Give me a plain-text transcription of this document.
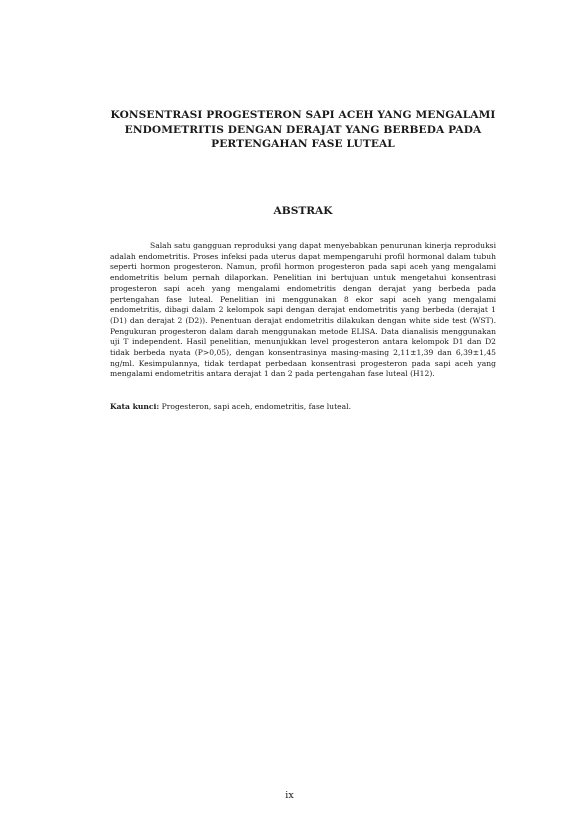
KONSENTRASI PROGESTERON SAPI ACEH YANG MENGALAMI
ENDOMETRITIS DENGAN DERAJAT YANG BERBEDA PADA
PERTENGAHAN FASE LUTEAL
ABSTRAK

Salah satu gangguan reproduksi yang dapat menyebabkan penurunan kinerja reproduksi adalah endometritis. Proses infeksi pada uterus dapat mempengaruhi profil hormonal dalam tubuh seperti hormon progesteron. Namun, profil hormon progesteron pada sapi aceh yang mengalami endometritis belum pernah dilaporkan. Penelitian ini bertujuan untuk mengetahui konsentrasi progesteron sapi aceh yang mengalami endometritis dengan derajat yang berbeda pada pertengahan fase luteal. Penelitian ini menggunakan 8 ekor sapi aceh yang mengalami endometritis, dibagi dalam 2 kelompok sapi dengan derajat endometritis yang berbeda (derajat 1 (D1) dan derajat 2 (D2)). Penentuan derajat endometritis dilakukan dengan white side test (WST). Pengukuran progesteron dalam darah menggunakan metode ELISA. Data dianalisis menggunakan uji T independent. Hasil penelitian, menunjukkan level progesteron antara kelompok D1 dan D2 tidak berbeda nyata (P>0,05), dengan konsentrasinya masing-masing 2,11±1,39 dan 6,39±1,45 ng/ml. Kesimpulannya, tidak terdapat perbedaan konsentrasi progesteron pada sapi aceh yang mengalami endometritis antara derajat 1 dan 2 pada pertengahan fase luteal (H12).

Kata kunci: Progesteron, sapi aceh, endometritis, fase luteal.

ix
